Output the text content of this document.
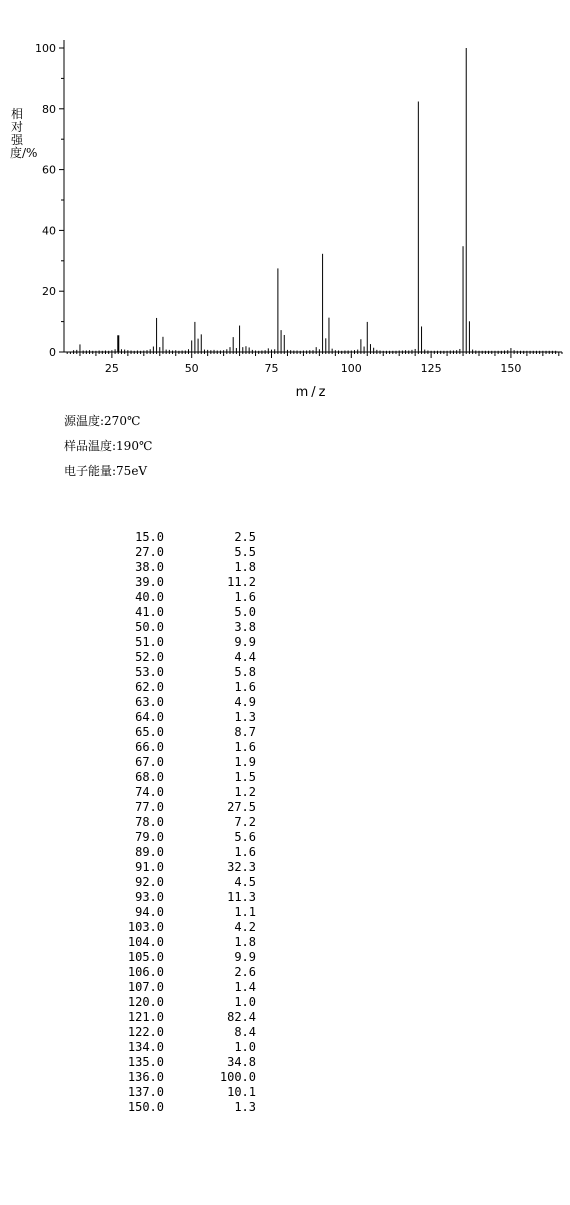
0
20
40
60
80
100
25	50	75	100	125	150
m/z
相对强度/%
源温度:270℃
样品温度:190℃
电子能量:75eV
15.0	2.5
27.0	5.5
38.0	1.8
39.0	11.2
40.0	1.6
41.0	5.0
50.0	3.8
51.0	9.9
52.0	4.4
53.0	5.8
62.0	1.6
63.0	4.9
64.0	1.3
65.0	8.7
66.0	1.6
67.0	1.9
68.0	1.5
74.0	1.2
77.0	27.5
78.0	7.2
79.0	5.6
89.0	1.6
91.0	32.3
92.0	4.5
93.0	11.3
94.0	1.1
103.0	4.2
104.0	1.8
105.0	9.9
106.0	2.6
107.0	1.4
120.0	1.0
121.0	82.4
122.0	8.4
134.0	1.0
135.0	34.8
136.0	100.0
137.0	10.1
150.0	1.3
